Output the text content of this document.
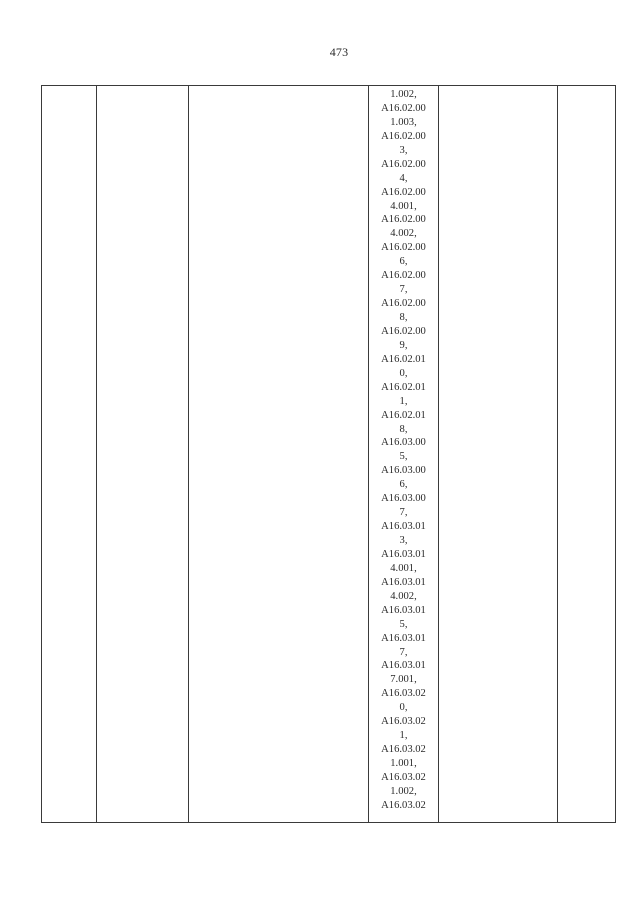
473
1.002,
A16.02.00
1.003,
A16.02.00
3,
A16.02.00
4,
A16.02.00
4.001,
A16.02.00
4.002,
A16.02.00
6,
A16.02.00
7,
A16.02.00
8,
A16.02.00
9,
A16.02.01
0,
A16.02.01
1,
A16.02.01
8,
A16.03.00
5,
A16.03.00
6,
A16.03.00
7,
A16.03.01
3,
A16.03.01
4.001,
A16.03.01
4.002,
A16.03.01
5,
A16.03.01
7,
A16.03.01
7.001,
A16.03.02
0,
A16.03.02
1,
A16.03.02
1.001,
A16.03.02
1.002,
A16.03.02
